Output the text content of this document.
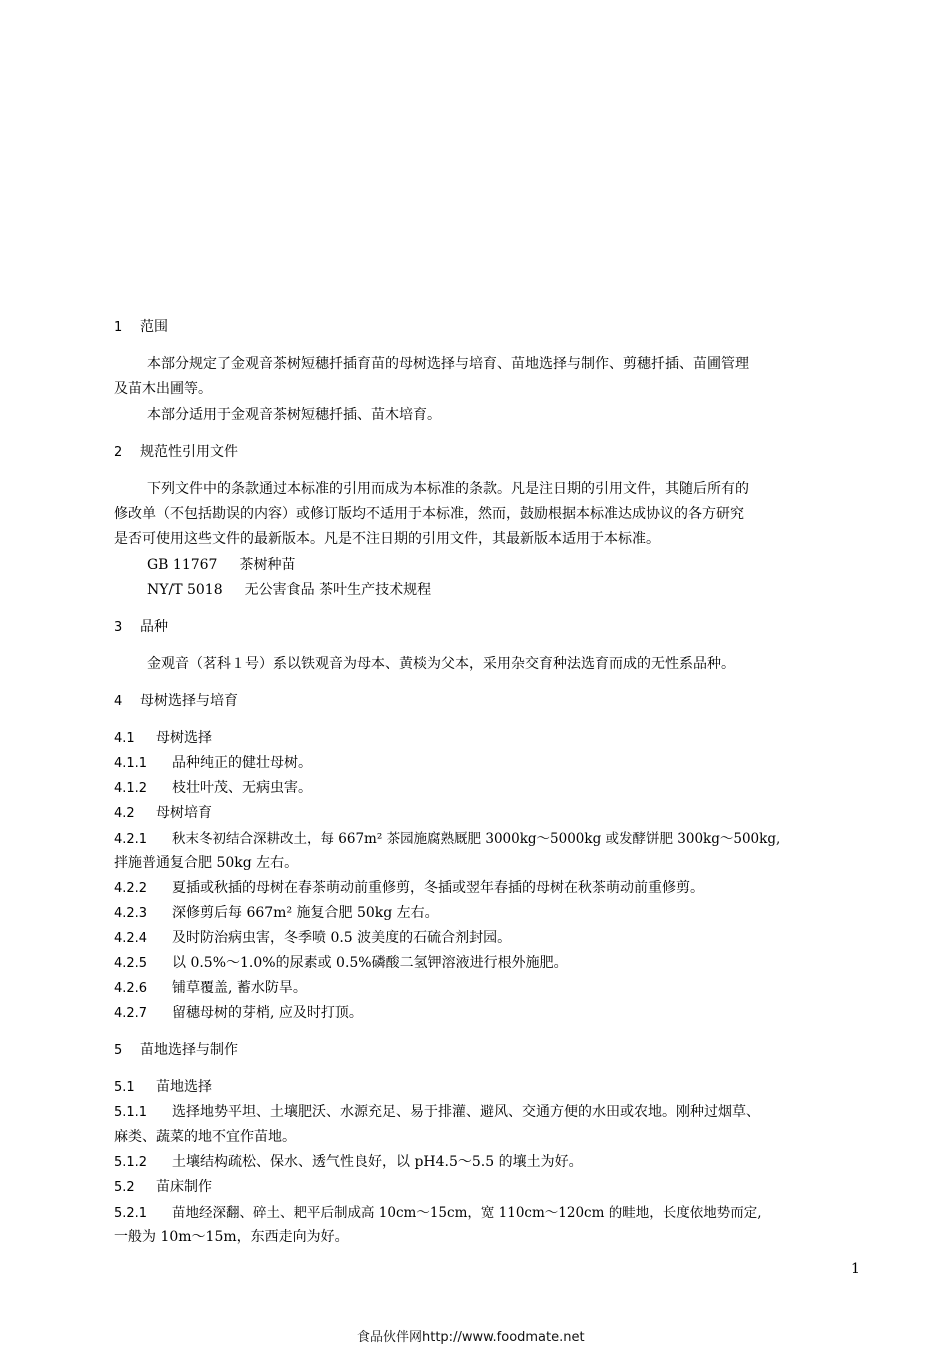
1 范围
本部分规定了金观音茶树短穗扦插育苗的母树选择与培育、苗地选择与制作、剪穗扦插、苗圃管理
及苗木出圃等。
本部分适用于金观音茶树短穗扦插、苗木培育。
2 规范性引用文件
下列文件中的条款通过本标准的引用而成为本标准的条款。凡是注日期的引用文件，其随后所有的
修改单（不包括勘误的内容）或修订版均不适用于本标准，然而，鼓励根据本标准达成协议的各方研究
是否可使用这些文件的最新版本。凡是不注日期的引用文件，其最新版本适用于本标准。
GB 11767 茶树种苗
NY/T 5018 无公害食品 茶叶生产技术规程
3 品种
金观音（茗科１号）系以铁观音为母本、黄棪为父本，采用杂交育种法选育而成的无性系品种。
4 母树选择与培育
4.1 母树选择
4.1.1 品种纯正的健壮母树。
4.1.2 枝壮叶茂、无病虫害。
4.2 母树培育
4.2.1 秋末冬初结合深耕改土，每 667m² 茶园施腐熟厩肥 3000kg～5000kg 或发酵饼肥 300kg～500kg,
拌施普通复合肥 50kg 左右。
4.2.2 夏插或秋插的母树在春茶萌动前重修剪，冬插或翌年春插的母树在秋茶萌动前重修剪。
4.2.3 深修剪后每 667m² 施复合肥 50kg 左右。
4.2.4 及时防治病虫害，冬季喷 0.5 波美度的石硫合剂封园。
4.2.5 以 0.5%～1.0%的尿素或 0.5%磷酸二氢钾溶液进行根外施肥。
4.2.6 铺草覆盖, 蓄水防旱。
4.2.7 留穗母树的芽梢, 应及时打顶。
5 苗地选择与制作
5.1 苗地选择
5.1.1 选择地势平坦、土壤肥沃、水源充足、易于排灌、避风、交通方便的水田或农地。刚种过烟草、
麻类、蔬菜的地不宜作苗地。
5.1.2 土壤结构疏松、保水、透气性良好，以 pH4.5～5.5 的壤土为好。
5.2 苗床制作
5.2.1 苗地经深翻、碎土、耙平后制成高 10cm～15cm，宽 110cm～120cm 的畦地，长度依地势而定,
一般为 10m～15m，东西走向为好。
1
食品伙伴网http://www.foodmate.net
